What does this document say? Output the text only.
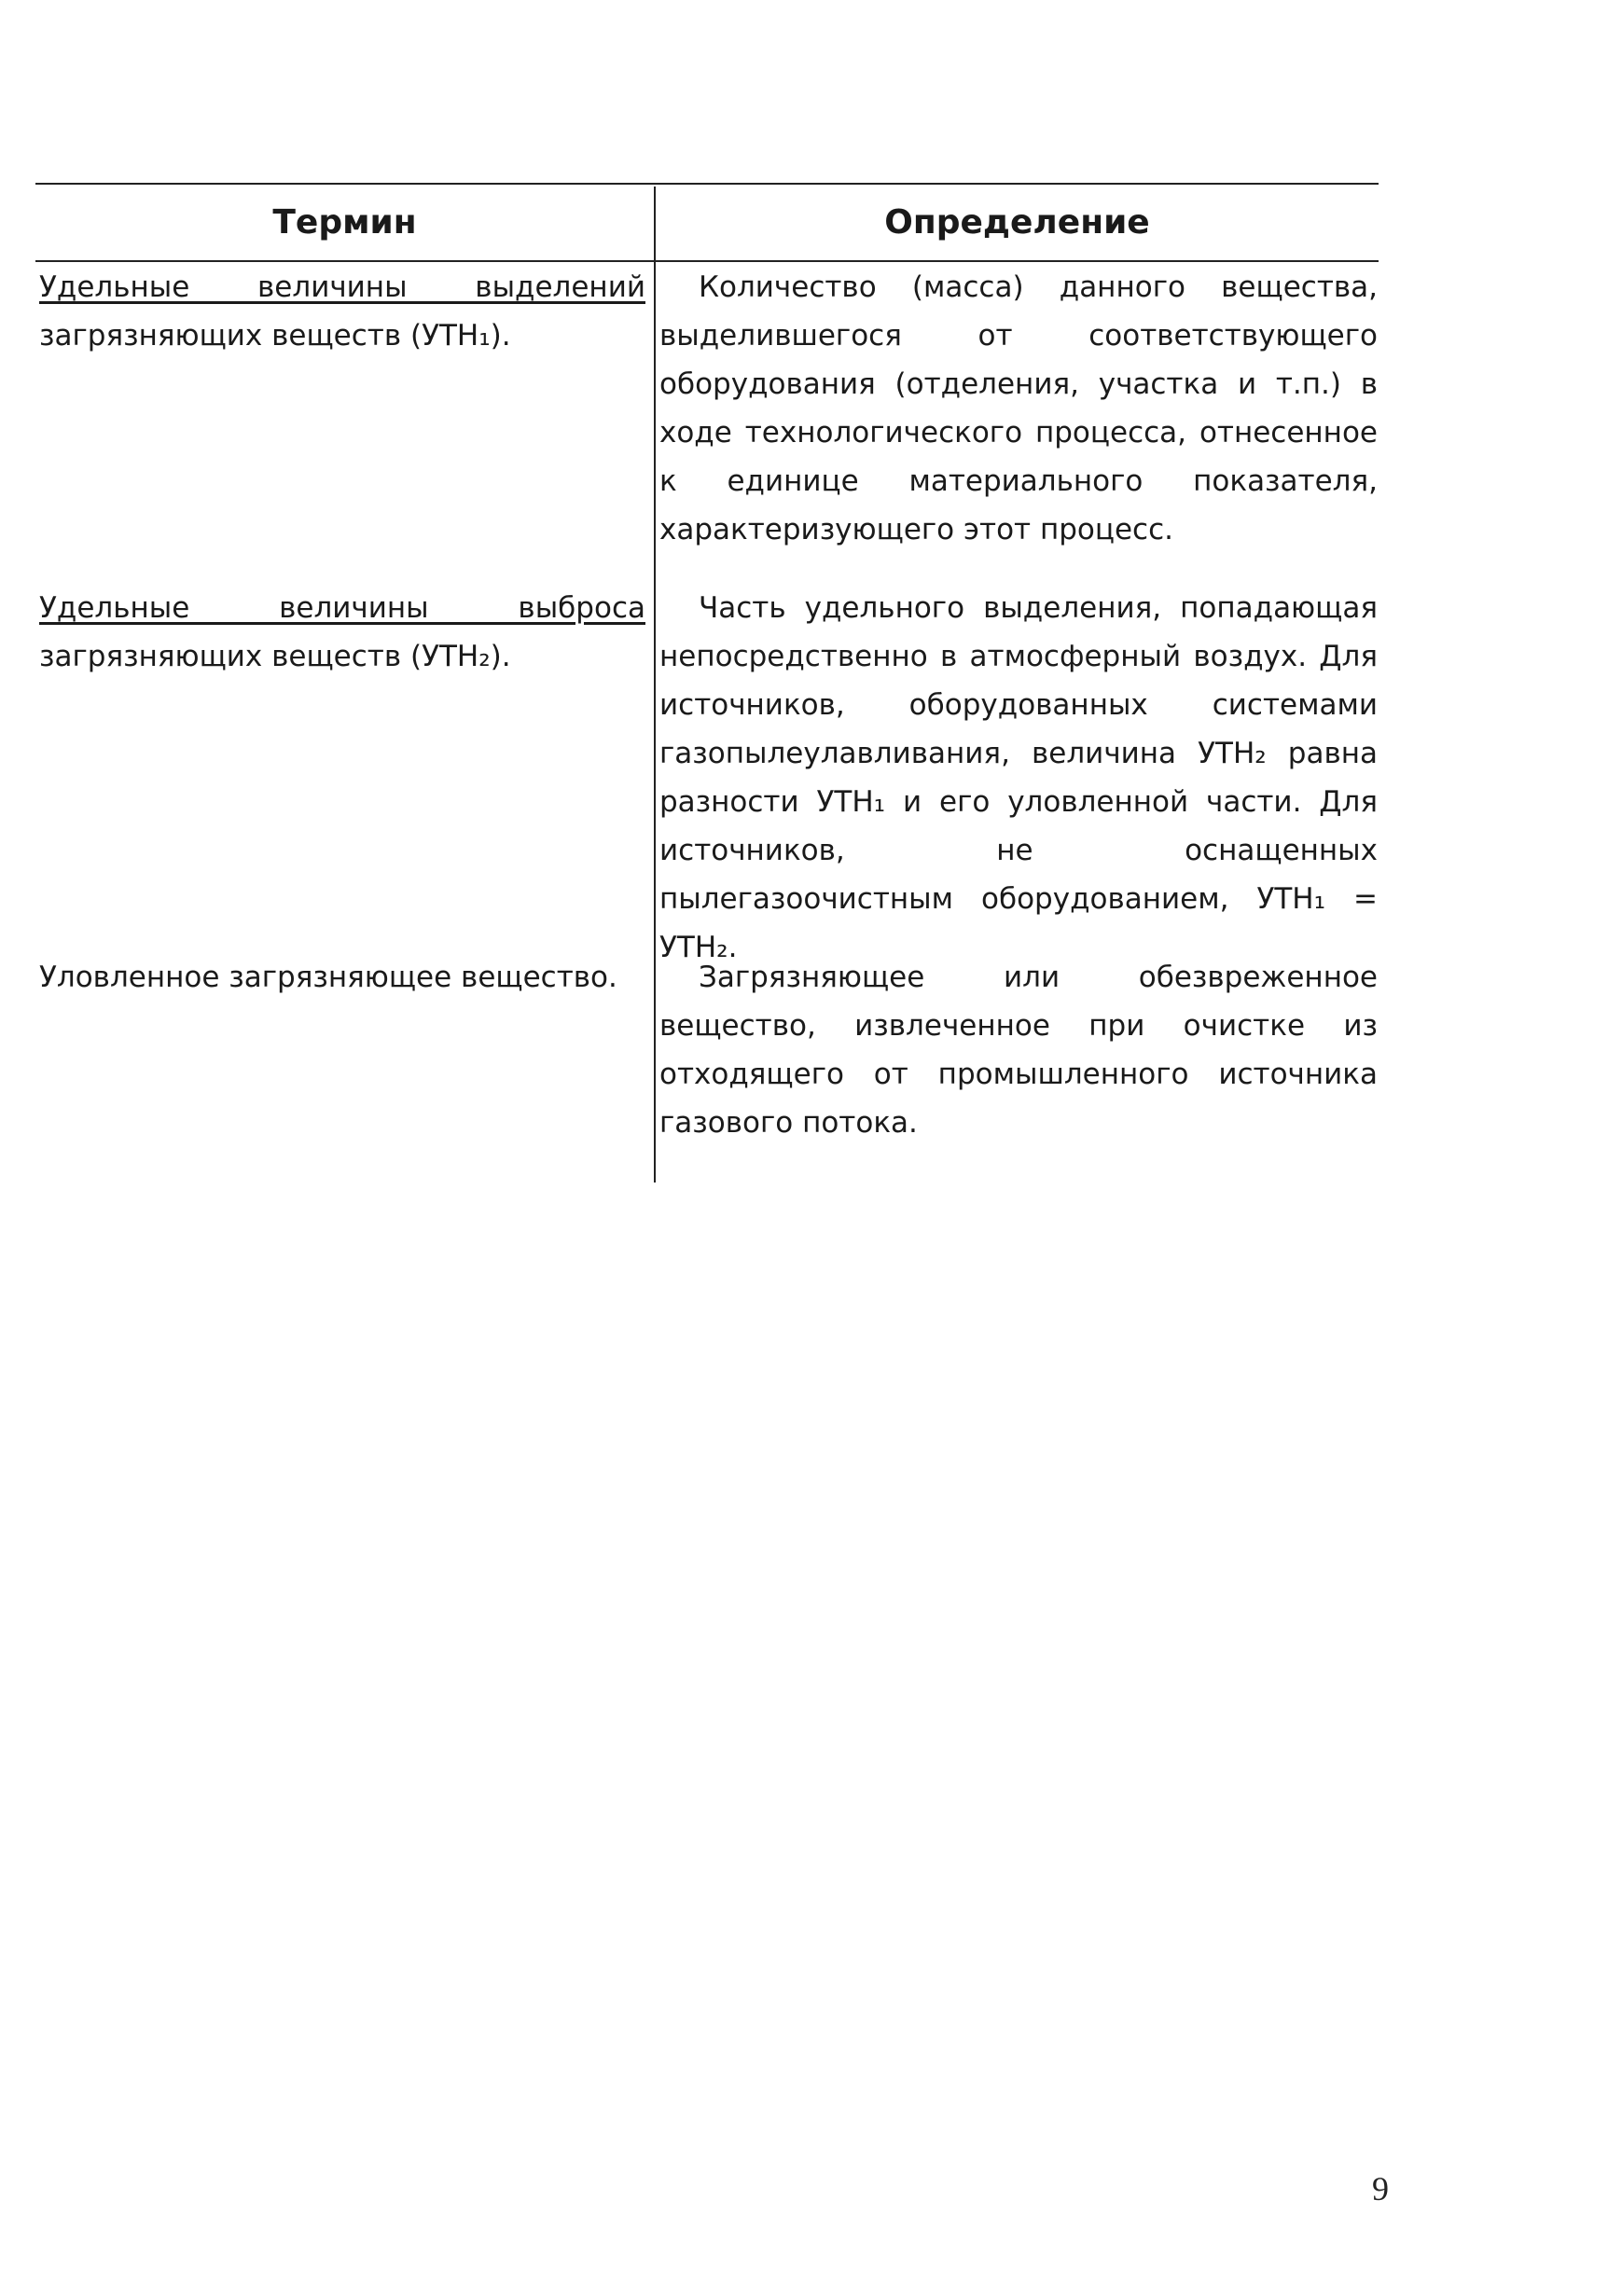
Термин	Определение
Удельные величины выделений загрязняющих веществ (УТН₁).
Количество (масса) данного вещества, выделившегося от соответствующего оборудования (отделения, участка и т.п.) в ходе технологического процесса, отнесенное к единице материального показателя, характеризующего этот процесс.
Удельные величины выброса загрязняющих веществ (УТН₂).
Часть удельного выделения, попадающая непосредственно в атмосферный воздух. Для источников, оборудованных системами газопылеулавливания, величина УТН₂ равна разности УТН₁ и его уловленной части. Для источников, не оснащенных пылегазоочистным оборудованием, УТН₁ = УТН₂.
Уловленное загрязняющее вещество.	Загрязняющее или обезвреженное вещество, извлеченное при очистке из отходящего от промышленного источника газового потока.
9
